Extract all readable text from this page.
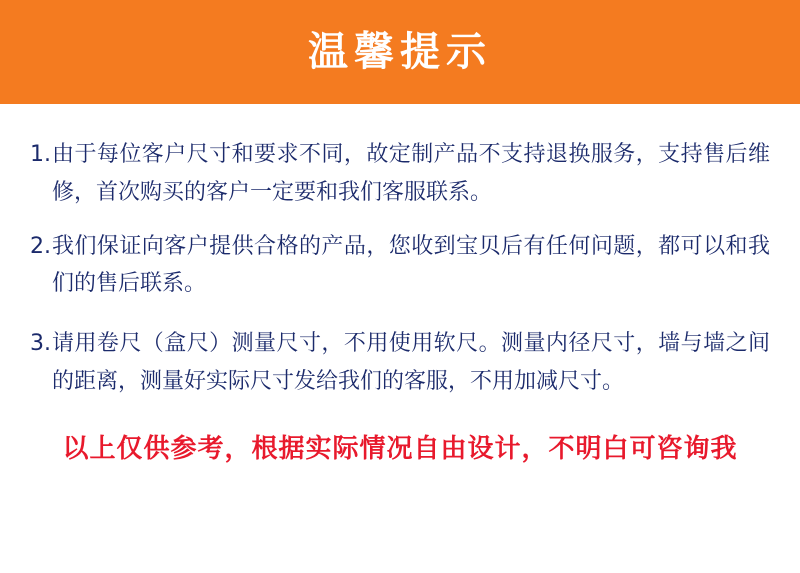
温馨提示
1. 由于每位客户尺寸和要求不同，故定制产品不支持退换服务，支持售后维修，首次购买的客户一定要和我们客服联系。
2. 我们保证向客户提供合格的产品，您收到宝贝后有任何问题，都可以和我们的售后联系。
3. 请用卷尺（盒尺）测量尺寸，不用使用软尺。测量内径尺寸，墙与墙之间的距离，测量好实际尺寸发给我们的客服，不用加减尺寸。
以上仅供参考，根据实际情况自由设计，不明白可咨询我
